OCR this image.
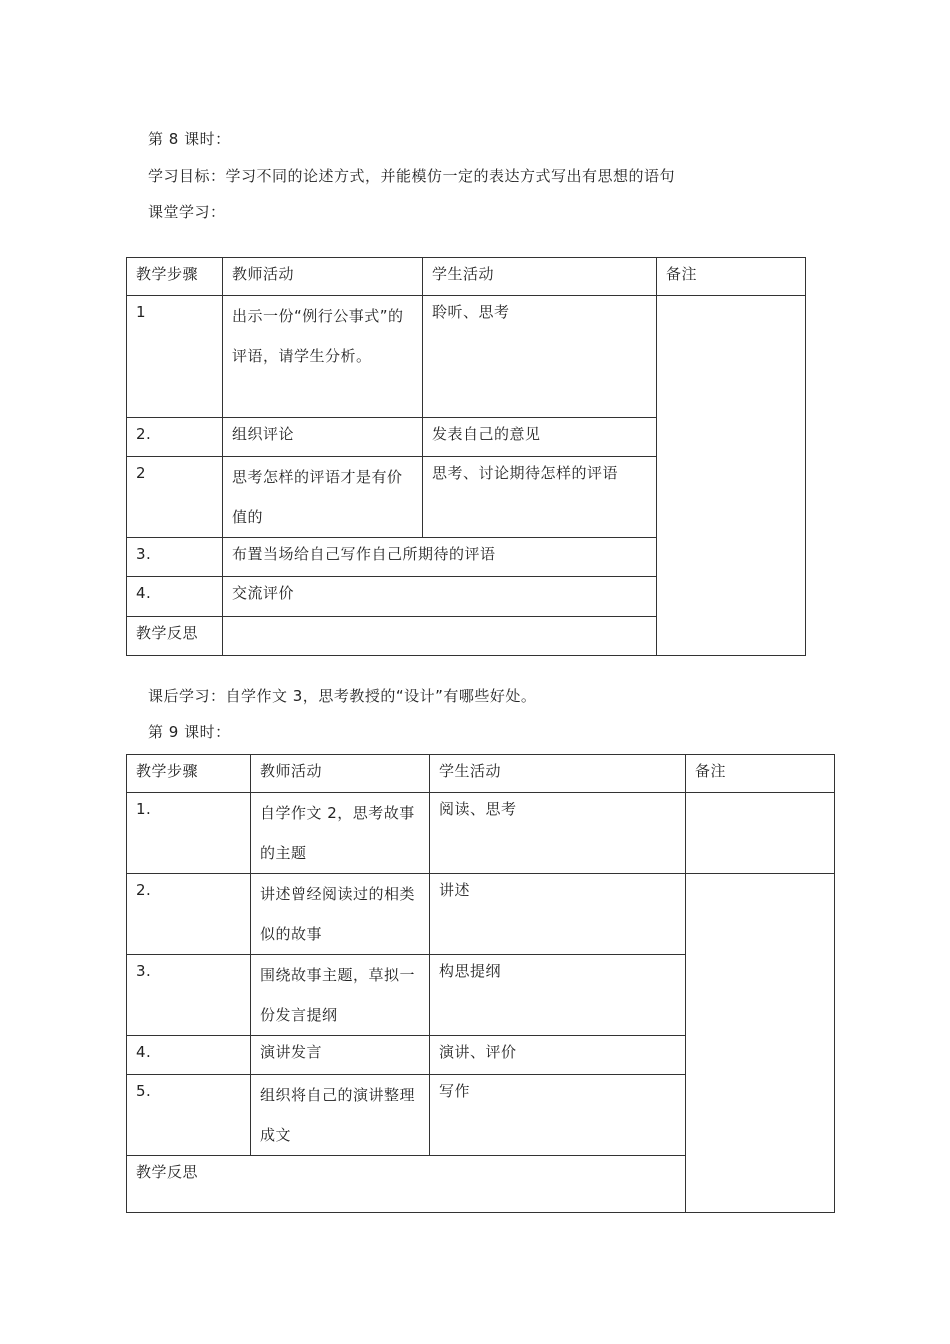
第 8 课时：
学习目标：学习不同的论述方式，并能模仿一定的表达方式写出有思想的语句
课堂学习：
教学步骤	教师活动	学生活动	备注
1	出示一份“例行公事式”的评语，请学生分析。	聆听、思考	
2.	组织评论	发表自己的意见	
2	思考怎样的评语才是有价值的	思考、讨论期待怎样的评语	
3.	布置当场给自己写作自己所期待的评语		
4.	交流评价		
教学反思			
课后学习：自学作文 3，思考教授的“设计”有哪些好处。
第 9 课时：
教学步骤	教师活动	学生活动	备注
1.	自学作文 2，思考故事的主题	阅读、思考	
2.	讲述曾经阅读过的相类似的故事	讲述	
3.	围绕故事主题，草拟一份发言提纲	构思提纲	
4.	演讲发言	演讲、评价	
5.	组织将自己的演讲整理成文	写作	
教学反思			
